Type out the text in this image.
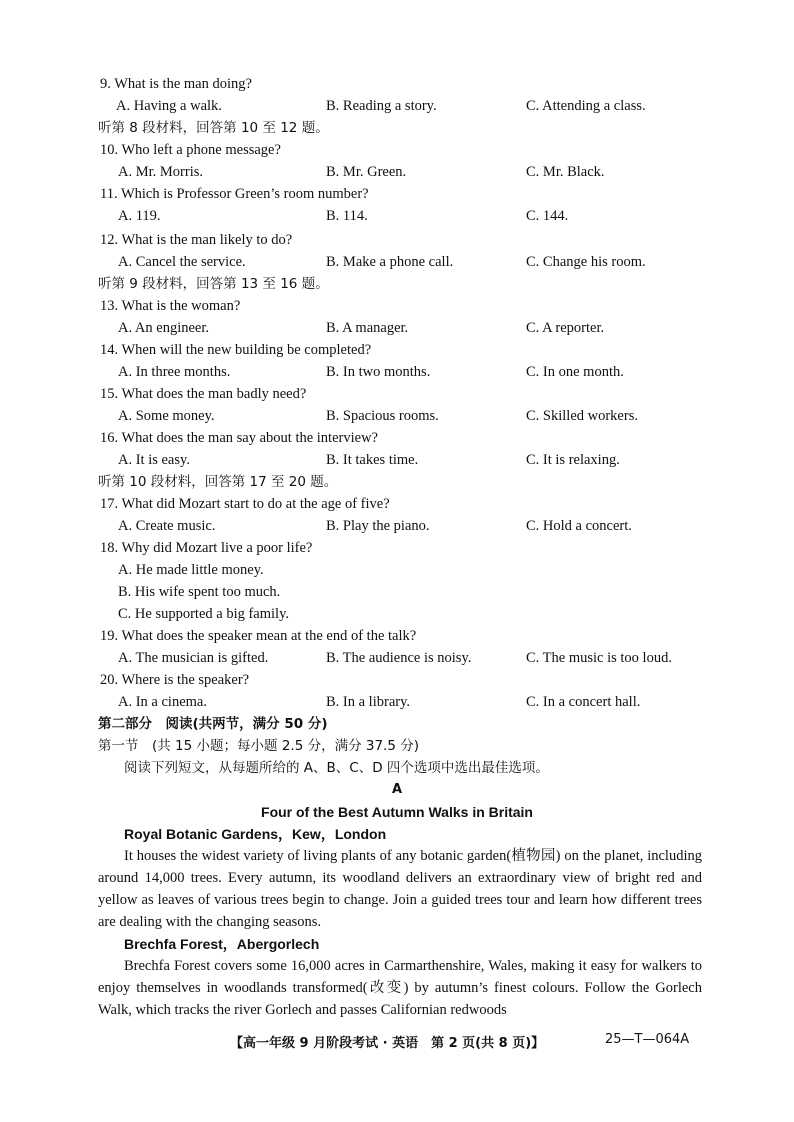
9. What is the man doing?
A. Having a walk.	B. Reading a story.	C. Attending a class.
听第 8 段材料，回答第 10 至 12 题。
10. Who left a phone message?
A. Mr. Morris.	B. Mr. Green.	C. Mr. Black.
11. Which is Professor Green’s room number?
A. 119.	B. 114.	C. 144.
12. What is the man likely to do?
A. Cancel the service.	B. Make a phone call.	C. Change his room.
听第 9 段材料，回答第 13 至 16 题。
13. What is the woman?
A. An engineer.	B. A manager.	C. A reporter.
14. When will the new building be completed?
A. In three months.	B. In two months.	C. In one month.
15. What does the man badly need?
A. Some money.	B. Spacious rooms.	C. Skilled workers.
16. What does the man say about the interview?
A. It is easy.	B. It takes time.	C. It is relaxing.
听第 10 段材料，回答第 17 至 20 题。
17. What did Mozart start to do at the age of five?
A. Create music.	B. Play the piano.	C. Hold a concert.
18. Why did Mozart live a poor life?
A. He made little money.
B. His wife spent too much.
C. He supported a big family.
19. What does the speaker mean at the end of the talk?
A. The musician is gifted.	B. The audience is noisy.	C. The music is too loud.
20. Where is the speaker?
A. In a cinema.	B. In a library.	C. In a concert hall.
第二部分　阅读(共两节，满分 50 分)
第一节　(共 15 小题；每小题 2.5 分，满分 37.5 分)
阅读下列短文，从每题所给的 A、B、C、D 四个选项中选出最佳选项。
A
Four of the Best Autumn Walks in Britain
Royal Botanic Gardens，Kew，London
It houses the widest variety of living plants of any botanic garden(植物园) on the planet, including around 14,000 trees. Every autumn, its woodland delivers an extraordinary view of bright red and yellow as leaves of various trees begin to change. Join a guided trees tour and learn how different trees are dealing with the changing seasons.
Brechfa Forest，Abergorlech
Brechfa Forest covers some 16,000 acres in Carmarthenshire, Wales, making it easy for walkers to enjoy themselves in woodlands transformed(改变) by autumn’s finest colours. Follow the Gorlech Walk, which tracks the river Gorlech and passes Californian redwoods
【高一年级 9 月阶段考试 · 英语　第 2 页(共 8 页)】	25—T—064A
